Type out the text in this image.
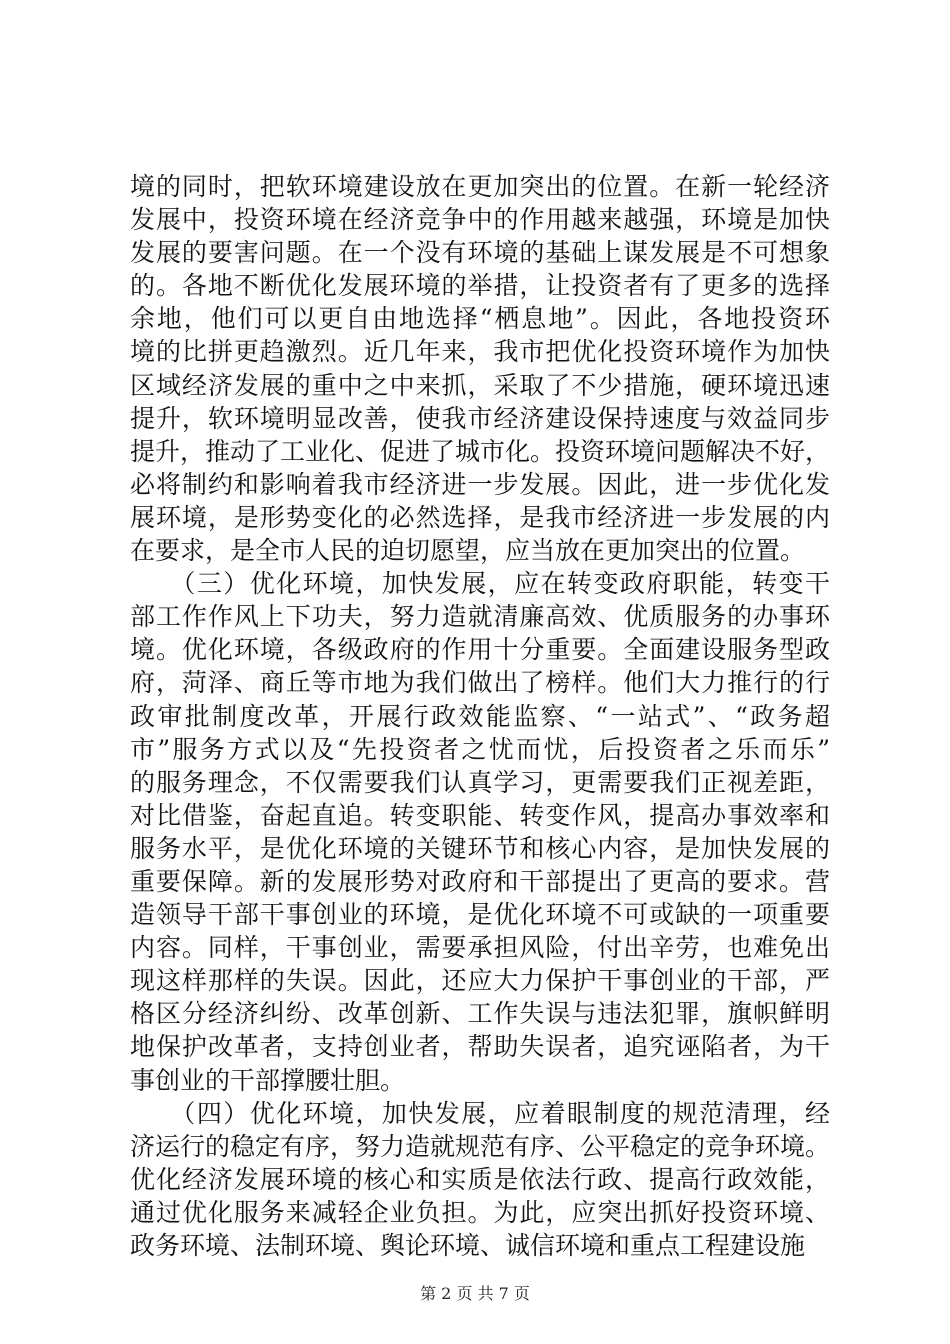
境的同时，把软环境建设放在更加突出的位置。在新一轮经济
发展中，投资环境在经济竞争中的作用越来越强，环境是加快
发展的要害问题。在一个没有环境的基础上谋发展是不可想象
的。各地不断优化发展环境的举措，让投资者有了更多的选择
余地，他们可以更自由地选择“栖息地”。因此，各地投资环
境的比拼更趋激烈。近几年来，我市把优化投资环境作为加快
区域经济发展的重中之中来抓，采取了不少措施，硬环境迅速
提升，软环境明显改善，使我市经济建设保持速度与效益同步
提升，推动了工业化、促进了城市化。投资环境问题解决不好，
必将制约和影响着我市经济进一步发展。因此，进一步优化发
展环境，是形势变化的必然选择，是我市经济进一步发展的内
在要求，是全市人民的迫切愿望，应当放在更加突出的位置。
　　（三）优化环境，加快发展，应在转变政府职能，转变干
部工作作风上下功夫，努力造就清廉高效、优质服务的办事环
境。优化环境，各级政府的作用十分重要。全面建设服务型政
府，菏泽、商丘等市地为我们做出了榜样。他们大力推行的行
政审批制度改革，开展行政效能监察、“一站式”、“政务超
市”服务方式以及“先投资者之忧而忧，后投资者之乐而乐”
的服务理念，不仅需要我们认真学习，更需要我们正视差距，
对比借鉴，奋起直追。转变职能、转变作风，提高办事效率和
服务水平，是优化环境的关键环节和核心内容，是加快发展的
重要保障。新的发展形势对政府和干部提出了更高的要求。营
造领导干部干事创业的环境，是优化环境不可或缺的一项重要
内容。同样，干事创业，需要承担风险，付出辛劳，也难免出
现这样那样的失误。因此，还应大力保护干事创业的干部，严
格区分经济纠纷、改革创新、工作失误与违法犯罪，旗帜鲜明
地保护改革者，支持创业者，帮助失误者，追究诬陷者，为干
事创业的干部撑腰壮胆。
　　（四）优化环境，加快发展，应着眼制度的规范清理，经
济运行的稳定有序，努力造就规范有序、公平稳定的竞争环境。
优化经济发展环境的核心和实质是依法行政、提高行政效能，
通过优化服务来减轻企业负担。为此，应突出抓好投资环境、
政务环境、法制环境、舆论环境、诚信环境和重点工程建设施
第 2 页 共 7 页
